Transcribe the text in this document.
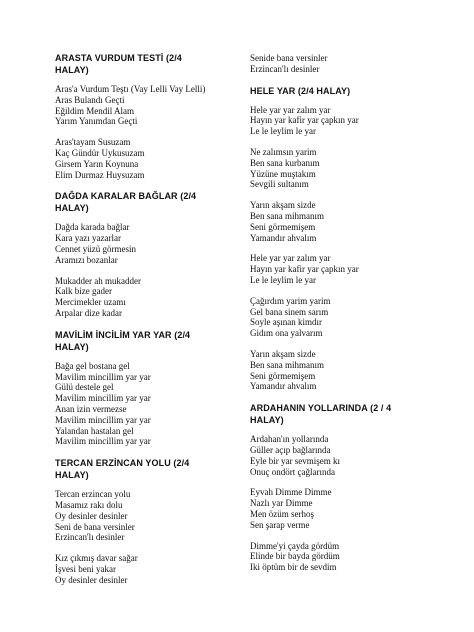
ARASTA VURDUM TESTİ (2/4
HALAY)
Aras'a Vurdum Teştı (Vay Lelli Vay Lelli)
Aras Bulandı Geçti
Eğildim Mendil Alam
Yarım Yanımdan Geçti
Aras'tayam Susuzam
Kaç Gündür Uykusuzam
Girsem Yarın Koynuna
Elim Durmaz Huysuzam
DAĞDA KARALAR BAĞLAR (2/4
HALAY)
Dağda karada bağlar
Kara yazı yazarlar
Cennet yüzü görmesin
Aramızı bozanlar
Mukadder ah mukadder
Kalk bize gader
Mercimekler uzamı
Arpalar dize kadar
MAVİLİM İNCİLİM YAR YAR (2/4
HALAY)
Bağa gel bostana gel
Mavilim mincillim yar yar
Gülü destele gel
Mavilim mincillim yar yar
Anan izin vermezse
Mavilim mincillim yar yar
Yalandan hastalan gel
Mavilim mincillim yar yar
TERCAN ERZİNCAN YOLU (2/4
HALAY)
Tercan erzincan yolu
Masamız rakı dolu
Oy desinler desinler
Seni de bana versinler
Erzincan'lı desinler
Kız çıkmış davar sağar
İşvesi beni yakar
Oy desinler desinler
Senide bana versinler
Erzincan'lı desinler
HELE YAR (2/4 HALAY)
Hele yar yar zalım yar
Hayın yar kafir yar çapkın yar
Le le leylim le yar
Ne zalımsın yarim
Ben sana kurbanım
Yüzüne muştakım
Sevgili sultanım
Yarın akşam sizde
Ben sana mihmanım
Seni görmemişem
Yamandır ahvalım
Hele yar yar zalım yar
Hayın yar kafir yar çapkın yar
Le le leylim le yar
Çağırdım yarim yarim
Gel bana sinem sarım
Soyle aşınan kimdır
Gidım ona yalvarım
Yarın akşam sizde
Ben sana mihmanım
Seni görmemişem
Yamandır ahvalım
ARDAHANIN YOLLARINDA (2 / 4
HALAY)
Ardahan'ın yollarında
Güller açıp bağlarında
Eyle bir yar sevmişem kı
Onuç ondört çağlarında
Eyvah Dimme Dimme
Nazlı yar Dimme
Men özüm serhoş
Sen şarap verme
Dimme'yi çayda gördüm
Elinde bir bayda gördüm
Iki öptüm bir de sevdim
